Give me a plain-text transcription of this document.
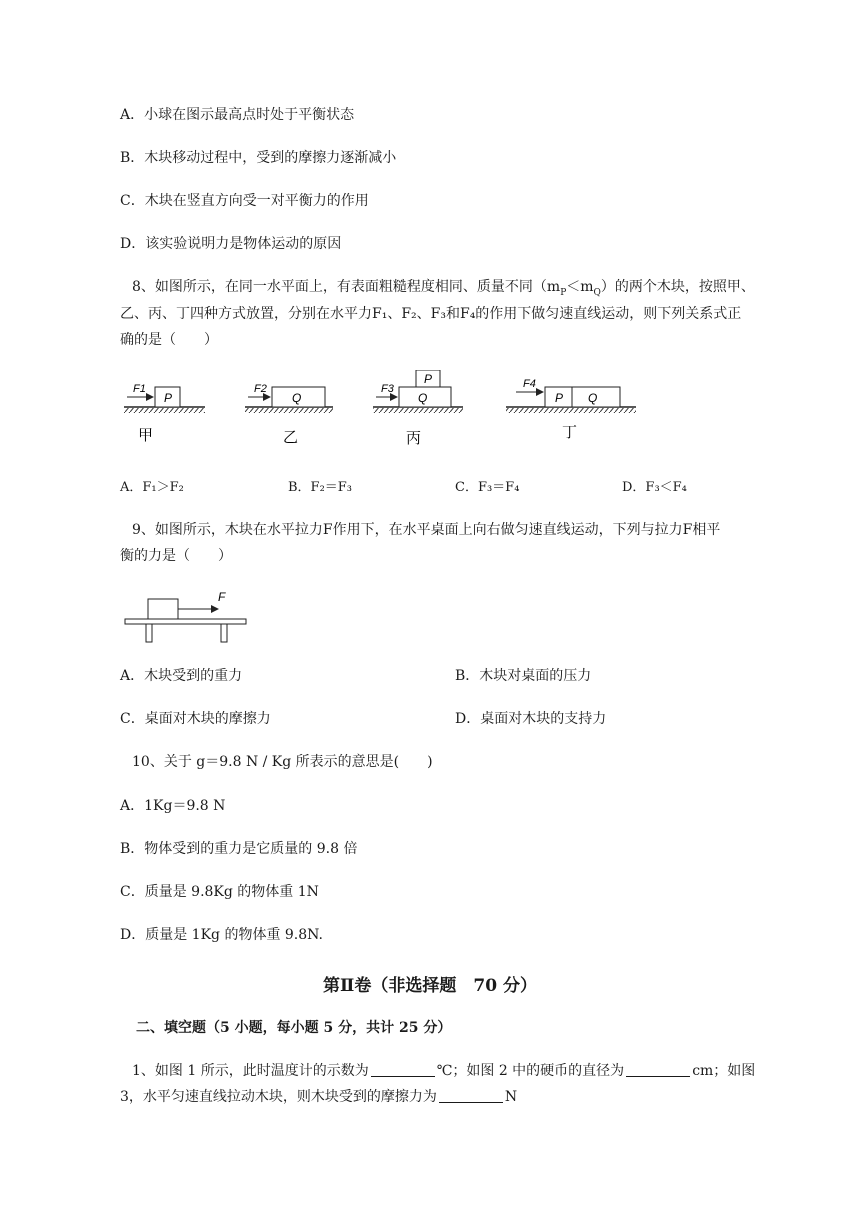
A．小球在图示最高点时处于平衡状态
B．木块移动过程中，受到的摩擦力逐渐减小
C．木块在竖直方向受一对平衡力的作用
D．该实验说明力是物体运动的原因
8、如图所示，在同一水平面上，有表面粗糙程度相同、质量不同$(m_P<m_Q)$的两个木块，按照甲、
乙、丙、丁四种方式放置，分别在水平力F₁、F₂、F₃和F₄的作用下做匀速直线运动，则下列关系式正
确的是（　　）
P
F1
甲
Q
F2
乙
Q
P
F3
丙
P Q
F4
丁
A．F₁＞F₂	B．F₂＝F₃	C．F₃＝F₄	D．F₃＜F₄
9、如图所示，木块在水平拉力F作用下，在水平桌面上向右做匀速直线运动，下列与拉力F相平
衡的力是（　　）
F
A．木块受到的重力	B．木块对桌面的压力
C．桌面对木块的摩擦力	D．桌面对木块的支持力
10、关于 g＝9.8 N / Kg 所表示的意思是(　　)
A．1Kg＝9.8 N
B．物体受到的重力是它质量的 9.8 倍
C．质量是 9.8Kg 的物体重 1N
D．质量是 1Kg 的物体重 9.8N.
第Ⅱ卷（非选择题　70 分）
二、填空题（5 小题，每小题 5 分，共计 25 分）
1、如图 1 所示，此时温度计的示数为	℃；如图 2 中的硬币的直径为	cm；如图
3，水平匀速直线拉动木块，则木块受到的摩擦力为	N
